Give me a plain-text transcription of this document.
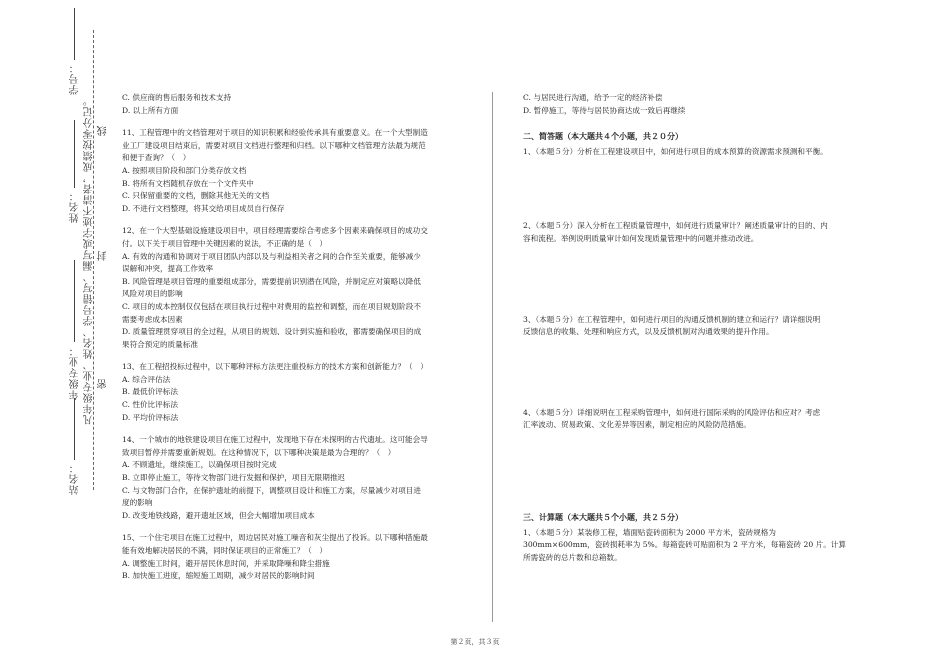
学号：
姓名：
年级专业：
站名：
凡年级专业、姓名、学号错写、漏写或字迹不清者，成绩按零分记。 线
封
密

C. 供应商的售后服务和技术支持

D. 以上所有方面

11、工程管理中的文档管理对于项目的知识积累和经验传承具有重要意义。在一个大型制造

业工厂建设项目结束后，需要对项目文档进行整理和归档。以下哪种文档管理方法最为规范

和便于查询？（　）

A. 按照项目阶段和部门分类存放文档

B. 将所有文档随机存放在一个文件夹中

C. 只保留重要的文档，删除其他无关的文档

D. 不进行文档整理，将其交给项目成员自行保存

12、在一个大型基础设施建设项目中，项目经理需要综合考虑多个因素来确保项目的成功交

付。以下关于项目管理中关键因素的说法，不正确的是（　）

A. 有效的沟通和协调对于项目团队内部以及与利益相关者之间的合作至关重要，能够减少

误解和冲突，提高工作效率

B. 风险管理是项目管理的重要组成部分，需要提前识别潜在风险，并制定应对策略以降低

风险对项目的影响

C. 项目的成本控制仅仅包括在项目执行过程中对费用的监控和调整，而在项目规划阶段不

需要考虑成本因素

D. 质量管理贯穿项目的全过程，从项目的规划、设计到实施和验收，都需要确保项目的成

果符合预定的质量标准

13、在工程招投标过程中，以下哪种评标方法更注重投标方的技术方案和创新能力？（　）

A. 综合评估法

B. 最低价评标法

C. 性价比评标法

D. 平均价评标法

14、一个城市的地铁建设项目在施工过程中，发现地下存在未探明的古代遗址。这可能会导

致项目暂停并需要重新规划。在这种情况下，以下哪种决策是最为合理的？（　）

A. 不顾遗址，继续施工，以确保项目按时完成

B. 立即停止施工，等待文物部门进行发掘和保护，项目无限期推迟

C. 与文物部门合作，在保护遗址的前提下，调整项目设计和施工方案，尽量减少对项目进

度的影响

D. 改变地铁线路，避开遗址区域，但会大幅增加项目成本

15、一个住宅项目在施工过程中，周边居民对施工噪音和灰尘提出了投诉。以下哪种措施最

能有效地解决居民的不满，同时保证项目的正常施工？（　）

A. 调整施工时间，避开居民休息时间，并采取降噪和降尘措施

B. 加快施工进度，缩短施工周期，减少对居民的影响时间

C. 与居民进行沟通，给予一定的经济补偿

D. 暂停施工，等待与居民协商达成一致后再继续

二、简答题（本大题共４个小题，共２０分）

1、（本题５分）分析在工程建设项目中，如何进行项目的成本预算的资源需求预测和平衡。

2、（本题５分）深入分析在工程质量管理中，如何进行质量审计？阐述质量审计的目的、内

容和流程。举例说明质量审计如何发现质量管理中的问题并推动改进。

3、（本题５分）在工程管理中，如何进行项目的沟通反馈机制的建立和运行？请详细说明

反馈信息的收集、处理和响应方式，以及反馈机制对沟通效果的提升作用。

4、（本题５分）详细说明在工程采购管理中，如何进行国际采购的风险评估和应对？考虑

汇率波动、贸易政策、文化差异等因素，制定相应的风险防范措施。

三、计算题（本大题共５个小题，共２５分）

1、（本题５分）某装修工程，墙面贴瓷砖面积为 2000 平方米，瓷砖规格为

300mm×600mm，瓷砖损耗率为 5%。每箱瓷砖可贴面积为 2 平方米，每箱瓷砖 20 片。计算

所需瓷砖的总片数和总箱数。

第２页，共３页
